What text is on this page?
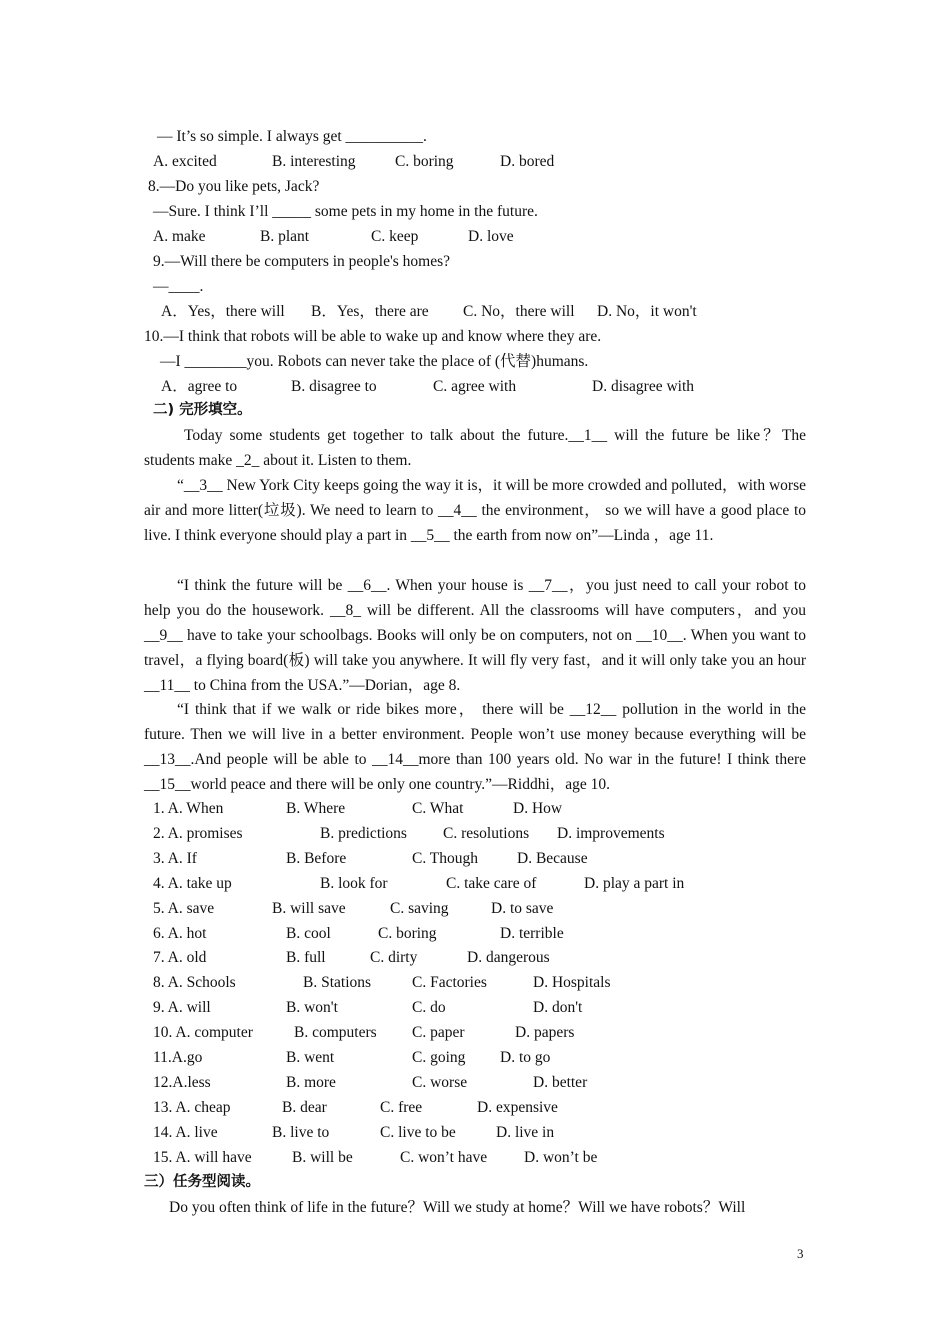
— It’s so simple. I always get __________.
A. excited	B. interesting	C. boring	D. bored
8.—Do you like pets, Jack?
—Sure. I think I’ll _____ some pets in my home in the future.
A. make	B. plant	C. keep	D. love
9.—Will there be computers in people's homes?
—____.
A．Yes，there will B．Yes，there are C. No，there will D. No，it won't
10.—I think that robots will be able to wake up and know where they are.
—I ________you. Robots can never take the place of (代替)humans.
A．agree to	B. disagree to	C. agree with	D. disagree with
二) 完形填空。
Today some students get together to talk about the future.__1__ will the future be like？The students make _2_ about it. Listen to them.
“__3__ New York City keeps going the way it is，it will be more crowded and polluted，with worse air and more litter(垃圾). We need to learn to __4__ the environment， so we will have a good place to live. I think everyone should play a part in __5__ the earth from now on”—Linda ，age 11.
“I think the future will be __6__. When your house is __7__，you just need to call your robot to help you do the housework. __8_ will be different. All the classrooms will have computers，and you __9__ have to take your schoolbags. Books will only be on computers, not on __10__. When you want to travel，a flying board(板) will take you anywhere. It will fly very fast，and it will only take you an hour __11__ to China from the USA.”—Dorian，age 8.
“I think that if we walk or ride bikes more， there will be __12__ pollution in the world in the future. Then we will live in a better environment. People won’t use money because everything will be __13__.And people will be able to __14__more than 100 years old. No war in the future! I think there __15__world peace and there will be only one country.”—Riddhi，age 10.
1. A. When	B. Where	C. What	D. How
2. A. promises	B. predictions C. resolutions D. improvements
3. A. If	B. Before	C. Though	D. Because
4. A. take up	B. look for	C. take care of	D. play a part in
5. A. save	B. will save	C. saving	D. to save
6. A. hot	B. cool	C. boring	D. terrible
7. A. old	B. full	C. dirty	D. dangerous
8. A. Schools	B. Stations	C. Factories	D. Hospitals
9. A. will	B. won't	C. do	D. don't
10. A. computer	B. computers C. paper	D. papers
11.A.go	B. went	C. going D. to go
12.A.less	B. more	C. worse	D. better
13. A. cheap	B. dear	C. free	D. expensive
14. A. live	B. live to	C. live to be	D. live in
15. A. will have	B. will be	C. won’t have D. won’t be
三）任务型阅读。
Do you often think of life in the future？Will we study at home？Will we have robots？Will
3
